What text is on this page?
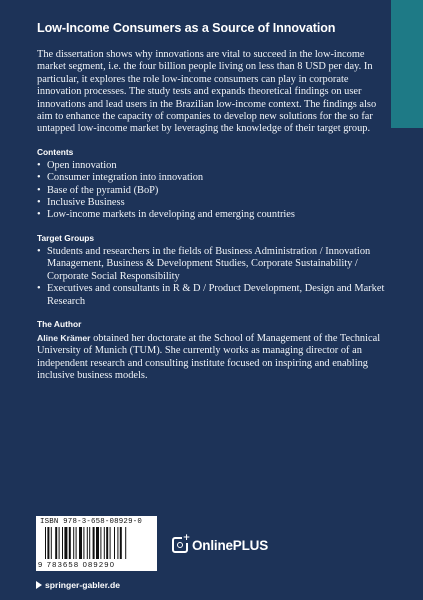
Low-Income Consumers as a Source of Innovation

The dissertation shows why innovations are vital to succeed in the low-income market segment, i.e. the four billion people living on less than 8 USD per day. In particular, it explores the role low-income consumers can play in corporate innovation processes. The study tests and expands theoretical findings on user innovations and lead users in the Brazilian low-income context. The findings also aim to enhance the capacity of companies to develop new solutions for the so far untapped low-income market by leveraging the knowledge of their target group.

Contents
• Open innovation
• Consumer integration into innovation
• Base of the pyramid (BoP)
• Inclusive Business
• Low-income markets in developing and emerging countries
Target Groups
• Students and researchers in the fields of Business Administration / Innovation Management, Business & Development Studies, Corporate Sustainability / Corporate Social Responsibility
• Executives and consultants in R & D / Product Development, Design and Market Research
The Author

Aline Krämer obtained her doctorate at the School of Management of the Technical University of Munich (TUM). She currently works as managing director of an independent research and consulting institute focused on inspiring and enabling inclusive business models.

ISBN 978-3-658-08929-0
9 783658 089290
+ OnlinePLUS
springer-gabler.de
